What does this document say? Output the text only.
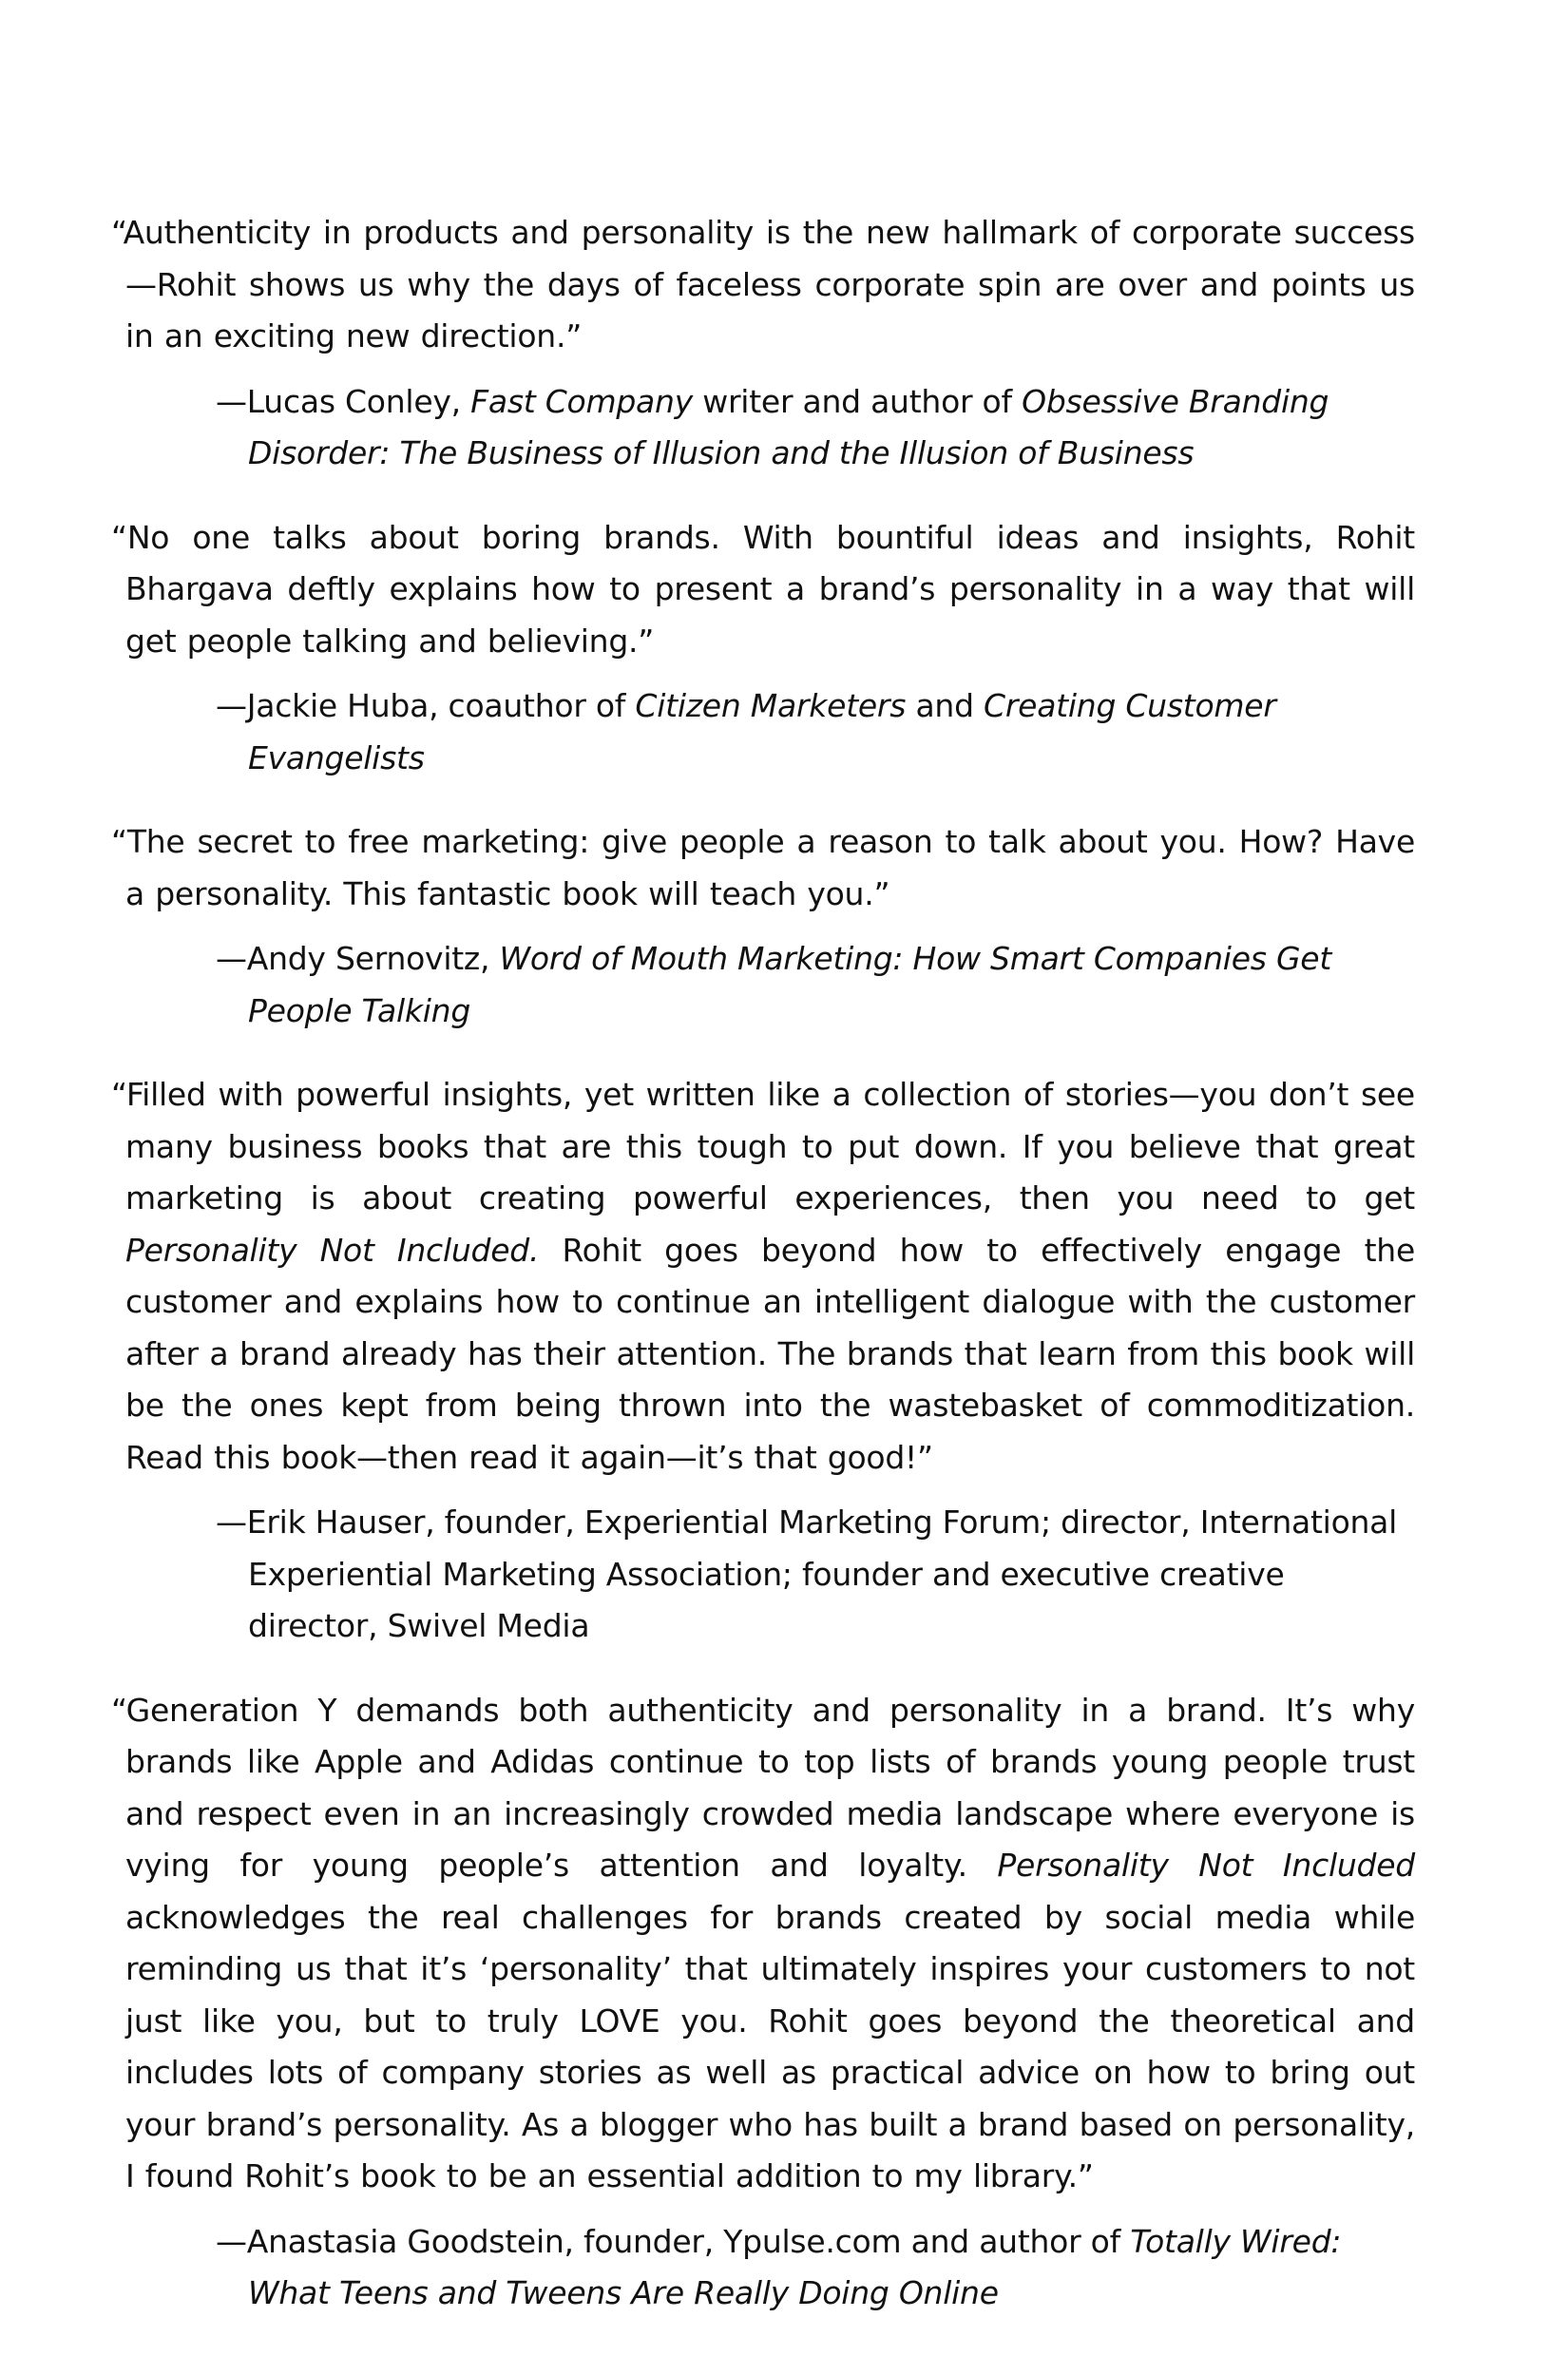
“Authenticity in products and personality is the new hallmark of corporate success—Rohit shows us why the days of faceless corporate spin are over and points us in an exciting new direction.”

—Lucas Conley, Fast Company writer and author of Obsessive Branding Disorder: The Business of Illusion and the Illusion of Business

“No one talks about boring brands. With bountiful ideas and insights, Rohit Bhargava deftly explains how to present a brand’s personality in a way that will get people talking and believing.”

—Jackie Huba, coauthor of Citizen Marketers and Creating Customer Evangelists

“The secret to free marketing: give people a reason to talk about you. How? Have a personality. This fantastic book will teach you.”

—Andy Sernovitz, Word of Mouth Marketing: How Smart Companies Get People Talking

“Filled with powerful insights, yet written like a collection of stories—you don’t see many business books that are this tough to put down. If you believe that great marketing is about creating powerful experiences, then you need to get Personality Not Included. Rohit goes beyond how to effectively engage the customer and explains how to continue an intelligent dialogue with the customer after a brand already has their attention. The brands that learn from this book will be the ones kept from being thrown into the wastebasket of commoditization. Read this book—then read it again—it’s that good!”

—Erik Hauser, founder, Experiential Marketing Forum; director, International Experiential Marketing Association; founder and executive creative director, Swivel Media

“Generation Y demands both authenticity and personality in a brand. It’s why brands like Apple and Adidas continue to top lists of brands young people trust and respect even in an increasingly crowded media landscape where everyone is vying for young people’s attention and loyalty. Personality Not Included acknowledges the real challenges for brands created by social media while reminding us that it’s ‘personality’ that ultimately inspires your customers to not just like you, but to truly LOVE you. Rohit goes beyond the theoretical and includes lots of company stories as well as practical advice on how to bring out your brand’s personality. As a blogger who has built a brand based on personality, I found Rohit’s book to be an essential addition to my library.”

—Anastasia Goodstein, founder, Ypulse.com and author of Totally Wired: What Teens and Tweens Are Really Doing Online
